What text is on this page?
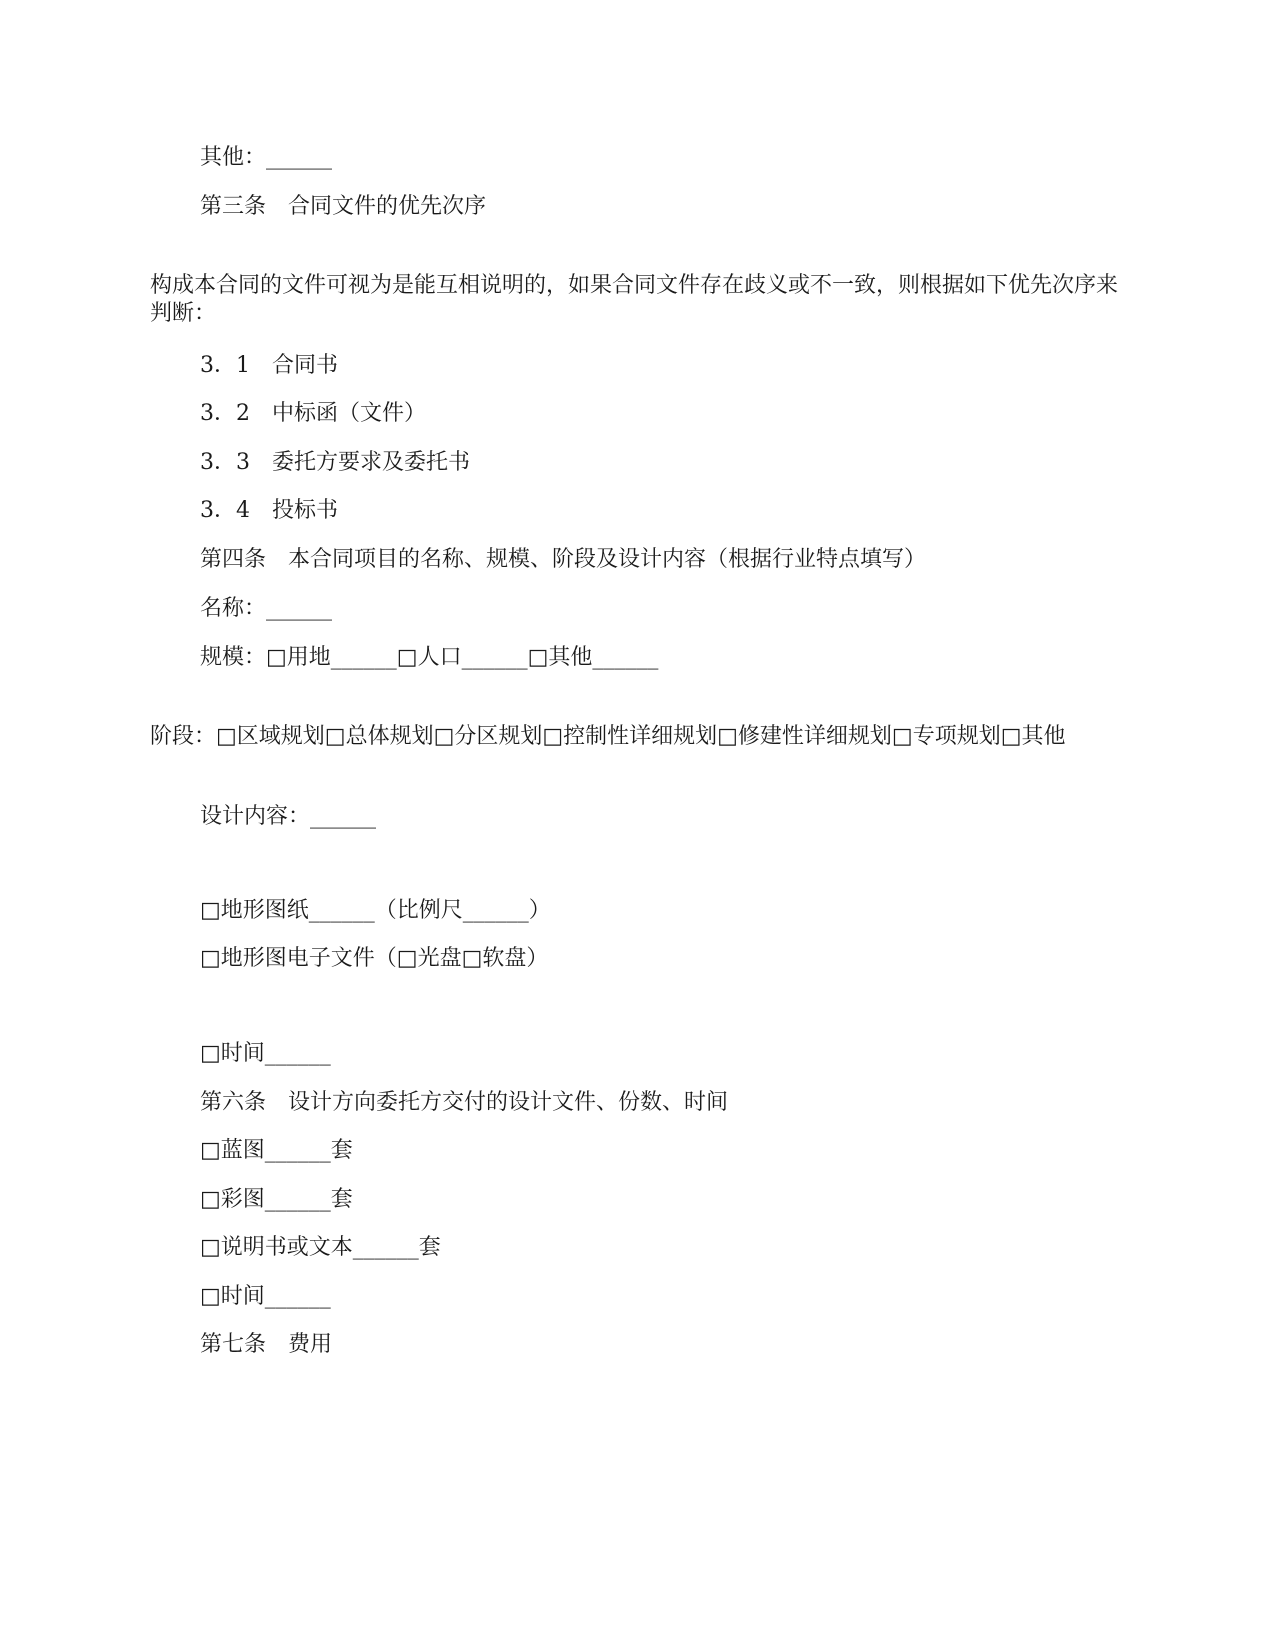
其他：______
第三条　合同文件的优先次序
构成本合同的文件可视为是能互相说明的，如果合同文件存在歧义或不一致，则根据如下优先次序来判断：
3．1　合同书
3．2　中标函（文件）
3．3　委托方要求及委托书
3．4　投标书
第四条　本合同项目的名称、规模、阶段及设计内容（根据行业特点填写）
名称：______
规模：□用地______□人口______□其他______
阶段：□区域规划□总体规划□分区规划□控制性详细规划□修建性详细规划□专项规划□其他
设计内容：______
□地形图纸______（比例尺______）
□地形图电子文件（□光盘□软盘）
□时间______
第六条　设计方向委托方交付的设计文件、份数、时间
□蓝图______套
□彩图______套
□说明书或文本______套
□时间______
第七条　费用
